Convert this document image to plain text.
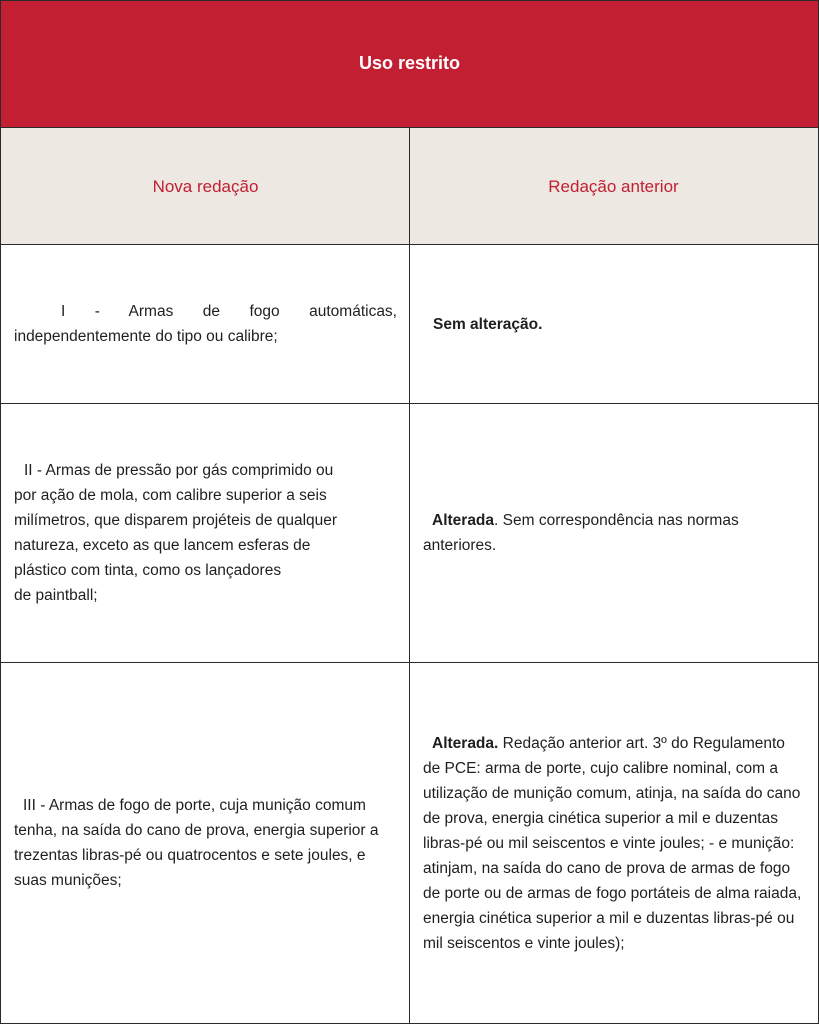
Uso restrito
Nova redação	Redação anterior
I - Armas de fogo automáticas, independentemente do tipo ou calibre;
Sem alteração.
II - Armas de pressão por gás comprimido ou
por ação de mola, com calibre superior a seis
milímetros, que disparem projéteis de qualquer
natureza, exceto as que lancem esferas de
plástico com tinta, como os lançadores
de paintball;
Alterada. Sem correspondência nas normas anteriores.
III - Armas de fogo de porte, cuja munição comum tenha, na saída do cano de prova, energia superior a trezentas libras-pé ou quatrocentos e sete joules, e suas munições;
Alterada. Redação anterior art. 3º do Regulamento de PCE: arma de porte, cujo calibre nominal, com a utilização de munição comum, atinja, na saída do cano de prova, energia cinética superior a mil e duzentas libras-pé ou mil seiscentos e vinte joules; - e munição: atinjam, na saída do cano de prova de armas de fogo de porte ou de armas de fogo portáteis de alma raiada, energia cinética superior a mil e duzentas libras-pé ou mil seiscentos e vinte joules);
